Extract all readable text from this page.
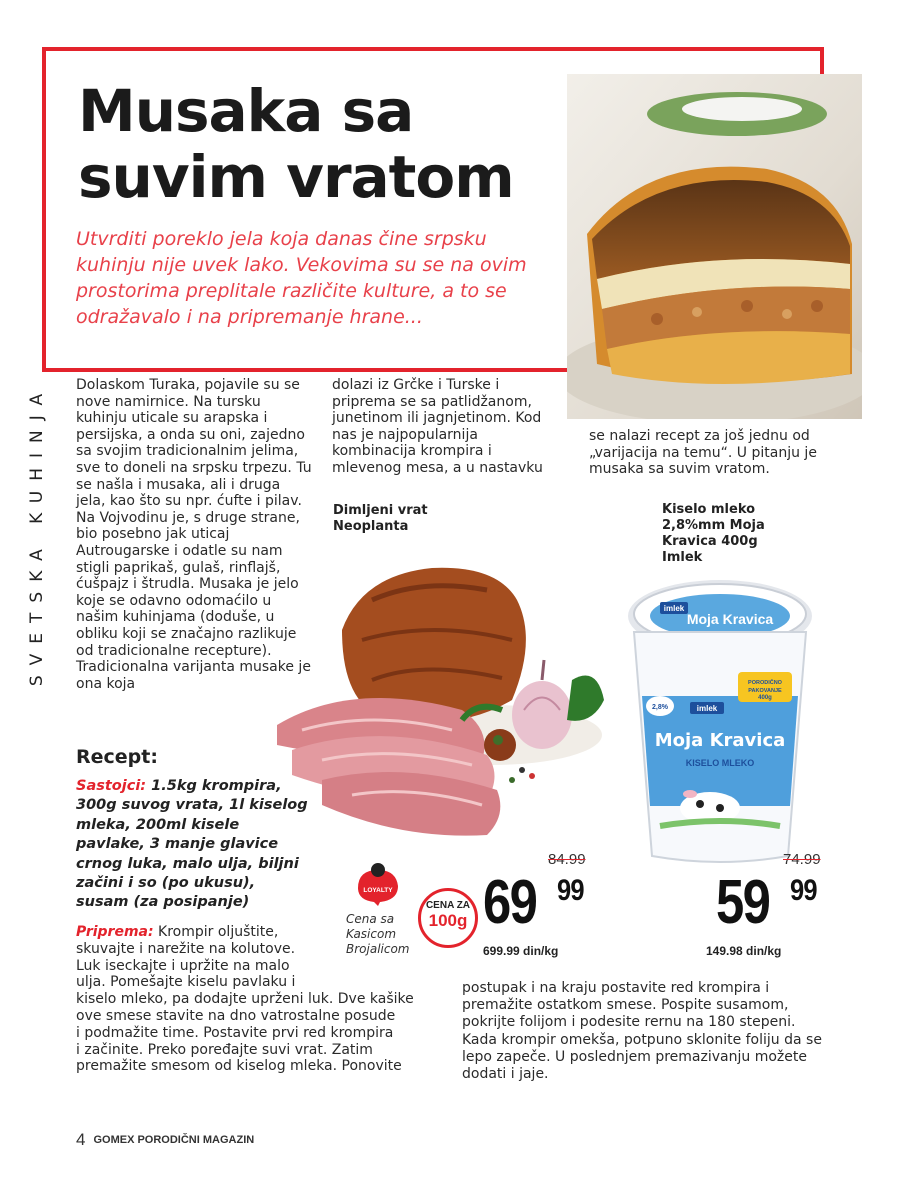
Musaka sa suvim vratom

Utvrditi poreklo jela koja danas čine srpsku kuhinju nije uvek lako. Vekovima su se na ovim prostorima preplitale različite kulture, a to se odražavalo i na pripremanje hrane...

SVETSKA KUHINJA Dolaskom Turaka, pojavile su se nove namirnice. Na tursku kuhinju uticale su arapska i persijska, a onda su oni, zajedno sa svojim tradicionalnim jelima, sve to doneli na srpsku trpezu. Tu se našla i musaka, ali i druga jela, kao što su npr. ćufte i pilav. Na Vojvodinu je, s druge strane, bio posebno jak uticaj Autrougarske i odatle su nam stigli paprikaš, gulaš, rinflajš, ćušpajz i štrudla. Musaka je jelo koje se odavno odomaćilo u našim kuhinjama (doduše, u obliku koji se značajno razlikuje od tradicionalne recepture). Tradicionalna varijanta musake je ona koja

dolazi iz Grčke i Turske i priprema se sa patlidžanom, junetinom ili jagnjetinom. Kod nas je najpopularnija kombinacija krompira i mlevenog mesa, a u nastavku

se nalazi recept za još jednu od „varijacija na temu“. U pitanju je musaka sa suvim vratom.

Dimljeni vrat Neoplanta

Kiselo mleko 2,8%mm Moja Kravica 400g Imlek

imlek
Moja Kravica
imlek
Moja Kravica
KISELO MLEKO
2,8%
PORODIČNO
PAKOVANJE
400g
LOYALTY

Cena sa Kasicom Brojalicom

CENA ZA
100g
84.99
69 99
699.99 din/kg
74.99
59 99
149.98 din/kg
Recept:

Sastojci: 1.5kg krompira, 300g suvog vrata, 1l kiselog mleka, 200ml kisele pavlake, 3 manje glavice crnog luka, malo ulja, biljni začini i so (po ukusu), susam (za posipanje)

Priprema: Krompir oljuštite,
skuvajte i narežite na kolutove.
Luk iseckajte i upržite na malo
ulja. Pomešajte kiselu pavlaku i
kiselo mleko, pa dodajte uprženi luk. Dve kašike
ove smese stavite na dno vatrostalne posude
i podmažite time. Postavite prvi red krompira
i začinite. Preko poređajte suvi vrat. Zatim
premažite smesom od kiselog mleka. Ponovite

postupak i na kraju postavite red krompira i premažite ostatkom smese. Pospite susamom, pokrijte folijom i podesite rernu na 180 stepeni. Kada krompir omekša, potpuno sklonite foliju da se lepo zapeče. U poslednjem premazivanju možete dodati i jaje.

4 GOMEX PORODIČNI MAGAZIN
